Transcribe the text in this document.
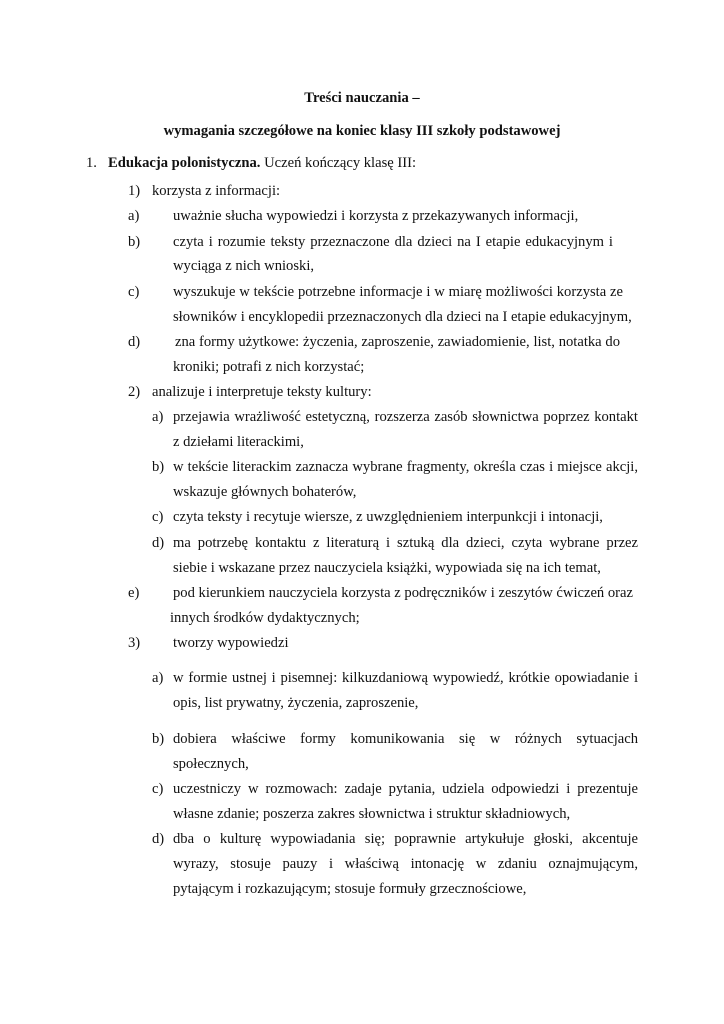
Treści nauczania –
wymagania szczegółowe na koniec klasy III szkoły podstawowej
1. Edukacja polonistyczna. Uczeń kończący klasę III:
1) korzysta z informacji:
a) uważnie słucha wypowiedzi i korzysta z przekazywanych informacji,
b) czyta i rozumie teksty przeznaczone dla dzieci na I etapie edukacyjnym i
wyciąga z nich wnioski,
c) wyszukuje w tekście potrzebne informacje i w miarę możliwości korzysta ze
słowników i encyklopedii przeznaczonych dla dzieci na I etapie edukacyjnym,
d) zna formy użytkowe: życzenia, zaproszenie, zawiadomienie, list, notatka do
kroniki; potrafi z nich korzystać;
2) analizuje i interpretuje teksty kultury:
a) przejawia wrażliwość estetyczną, rozszerza zasób słownictwa poprzez kontakt
z dziełami literackimi,
b) w tekście literackim zaznacza wybrane fragmenty, określa czas i miejsce akcji,
wskazuje głównych bohaterów,
c) czyta teksty i recytuje wiersze, z uwzględnieniem interpunkcji i intonacji,
d) ma potrzebę kontaktu z literaturą i sztuką dla dzieci, czyta wybrane przez
siebie i wskazane przez nauczyciela książki, wypowiada się na ich temat,
e) pod kierunkiem nauczyciela korzysta z podręczników i zeszytów ćwiczeń oraz
innych środków dydaktycznych;
3) tworzy wypowiedzi
a) w formie ustnej i pisemnej: kilkuzdaniową wypowiedź, krótkie opowiadanie i
opis, list prywatny, życzenia, zaproszenie,
b) dobiera właściwe formy komunikowania się w różnych sytuacjach
społecznych,
c) uczestniczy w rozmowach: zadaje pytania, udziela odpowiedzi i prezentuje
własne zdanie; poszerza zakres słownictwa i struktur składniowych,
d) dba o kulturę wypowiadania się; poprawnie artykułuje głoski, akcentuje
wyrazy, stosuje pauzy i właściwą intonację w zdaniu oznajmującym,
pytającym i rozkazującym; stosuje formuły grzecznościowe,
